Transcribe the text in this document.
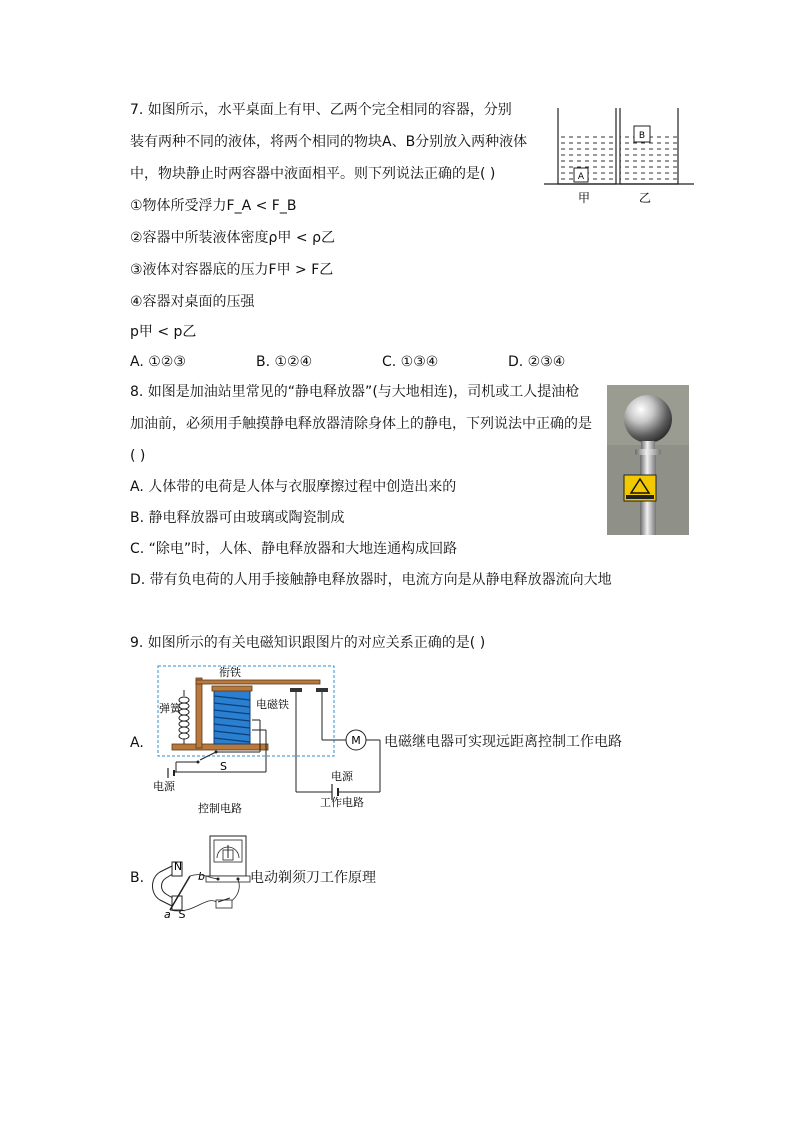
7. 如图所示，水平桌面上有甲、乙两个完全相同的容器，分别
装有两种不同的液体，将两个相同的物块A、B分别放入两种液体
中，物块静止时两容器中液面相平。则下列说法正确的是( )
①物体所受浮力F_A < F_B
②容器中所装液体密度ρ甲 < ρ乙
③液体对容器底的压力F甲 > F乙
④容器对桌面的压强
p甲 < p乙
A. ①②③	B. ①②④	C. ①③④	D. ②③④
A
B
甲	乙
8. 如图是加油站里常见的“静电释放器”(与大地相连)，司机或工人提油枪
加油前，必须用手触摸静电释放器清除身体上的静电，下列说法中正确的是
( )
A. 人体带的电荷是人体与衣服摩擦过程中创造出来的
B. 静电释放器可由玻璃或陶瓷制成
C. “除电”时，人体、静电释放器和大地连通构成回路
D. 带有负电荷的人用手接触静电释放器时，电流方向是从静电释放器流向大地
9. 如图所示的有关电磁知识跟图片的对应关系正确的是( )
A.
衔铁
弹簧	电磁铁
M
电源
工作电路
S
电源
控制电路
电磁继电器可实现远距离控制工作电路
B.
N
S
b
a
电动剃须刀工作原理
